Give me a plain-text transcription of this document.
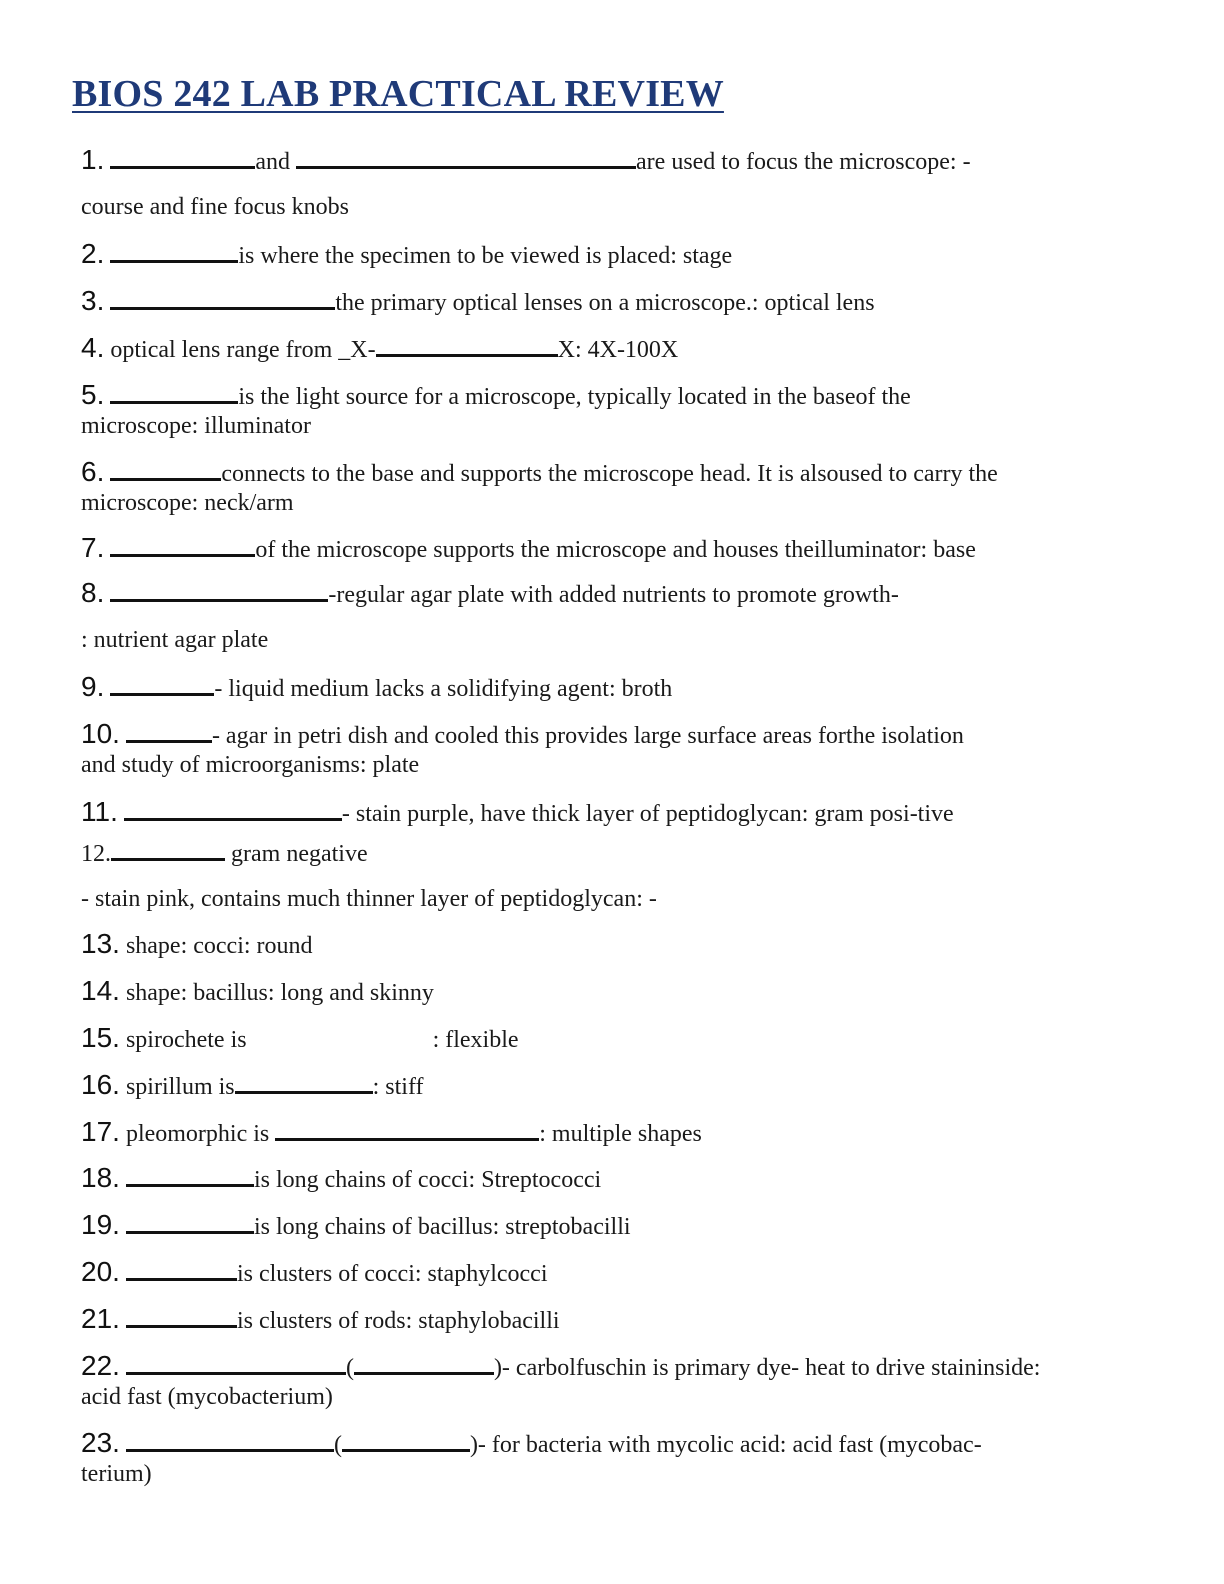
BIOS 242 LAB PRACTICAL REVIEW

1.	and	are used to focus the microscope: -

course and fine focus knobs

2.	is where the specimen to be viewed is placed: stage

3.	the primary optical lenses on a microscope.: optical lens

4. optical lens range from _X-	X: 4X-100X

5.	is the light source for a microscope, typically located in the baseof the

microscope: illuminator

6.	connects to the base and supports the microscope head. It is alsoused to carry the

microscope: neck/arm

7.	of the microscope supports the microscope and houses theilluminator: base

8.	-regular agar plate with added nutrients to promote growth-

: nutrient agar plate

9.	- liquid medium lacks a solidifying agent: broth

10.	- agar in petri dish and cooled this provides large surface areas forthe isolation

and study of microorganisms: plate

11.	- stain purple, have thick layer of peptidoglycan: gram posi-tive

12.	gram negative

- stain pink, contains much thinner layer of peptidoglycan: -

13. shape: cocci: round

14. shape: bacillus: long and skinny

15. spirochete is	: flexible

16. spirillum is	: stiff

17. pleomorphic is	: multiple shapes

18.	is long chains of cocci: Streptococci

19.	is long chains of bacillus: streptobacilli

20.	is clusters of cocci: staphylcocci

21.	is clusters of rods: staphylobacilli

22.	(	)- carbolfuschin is primary dye- heat to drive staininside:

acid fast (mycobacterium)

23.	(	)- for bacteria with mycolic acid: acid fast (mycobac-

terium)
